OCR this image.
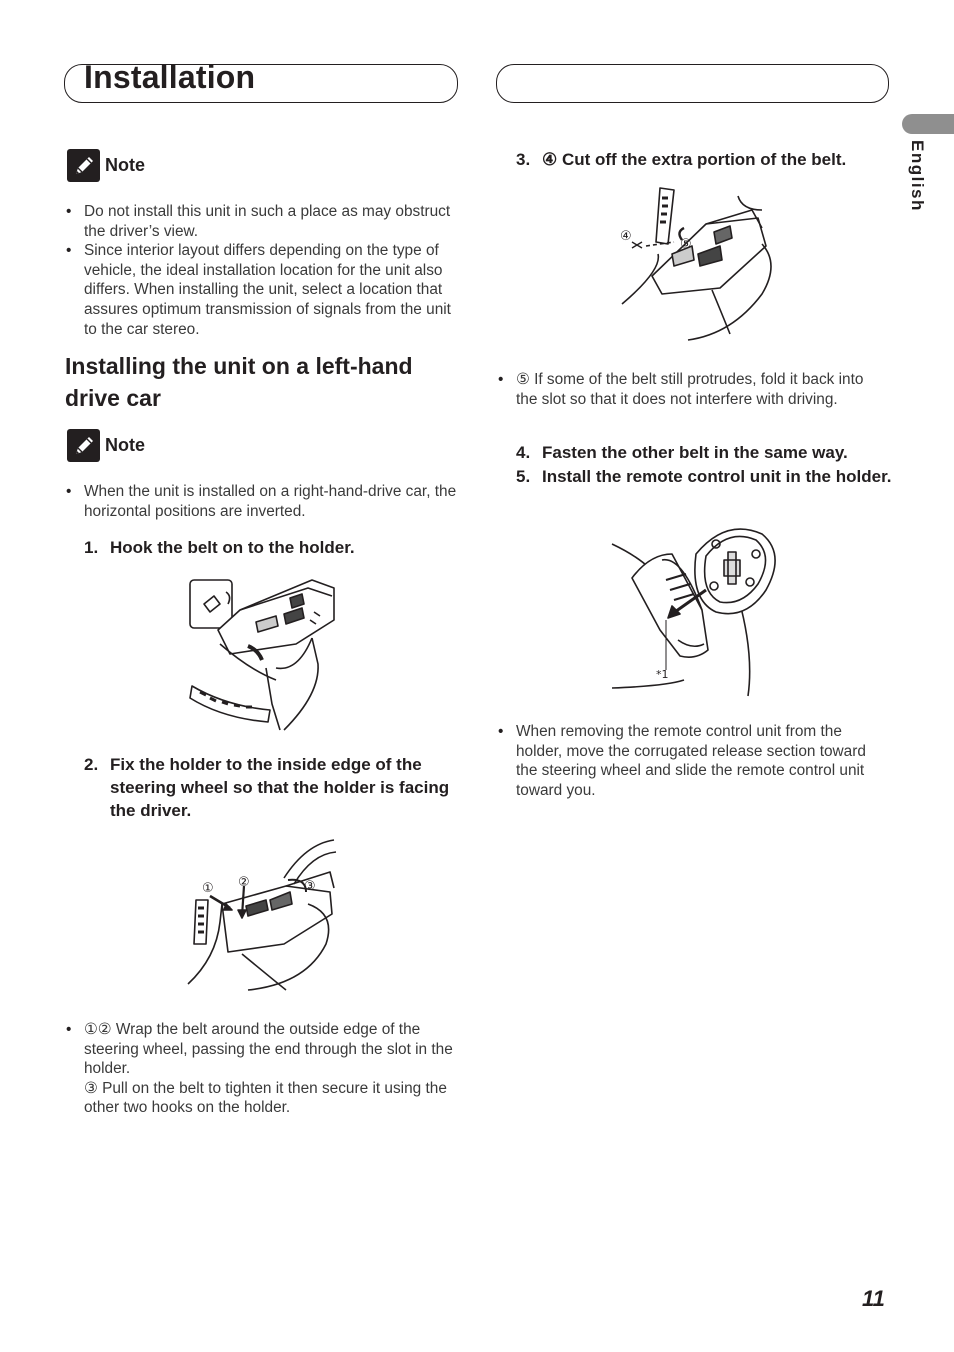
Installation
English
Note
• Do not install this unit in such a place as may obstruct the driver’s view.
• Since interior layout differs depending on the type of vehicle, the ideal installation location for the unit also differs. When installing the unit, select a location that assures optimum transmission of signals from the unit to the car stereo.
Installing the unit on a left-hand drive car
Note
• When the unit is installed on a right-hand-drive car, the horizontal positions are inverted.
1. Hook the belt on to the holder.
2. Fix the holder to the inside edge of the steering wheel so that the holder is facing the driver.
① ②	③
• ①② Wrap the belt around the outside edge of the steering wheel, passing the end through the slot in the holder.
③ Pull on the belt to tighten it then secure it using the other two hooks on the holder.
3. ④ Cut off the extra portion of the belt.
④
⑤
• ⑤ If some of the belt still protrudes, fold it back into the slot so that it does not interfere with driving.
4. Fasten the other belt in the same way.
5. Install the remote control unit in the holder.
*1
• When removing the remote control unit from the holder, move the corrugated release section toward the steering wheel and slide the remote control unit toward you.
11
